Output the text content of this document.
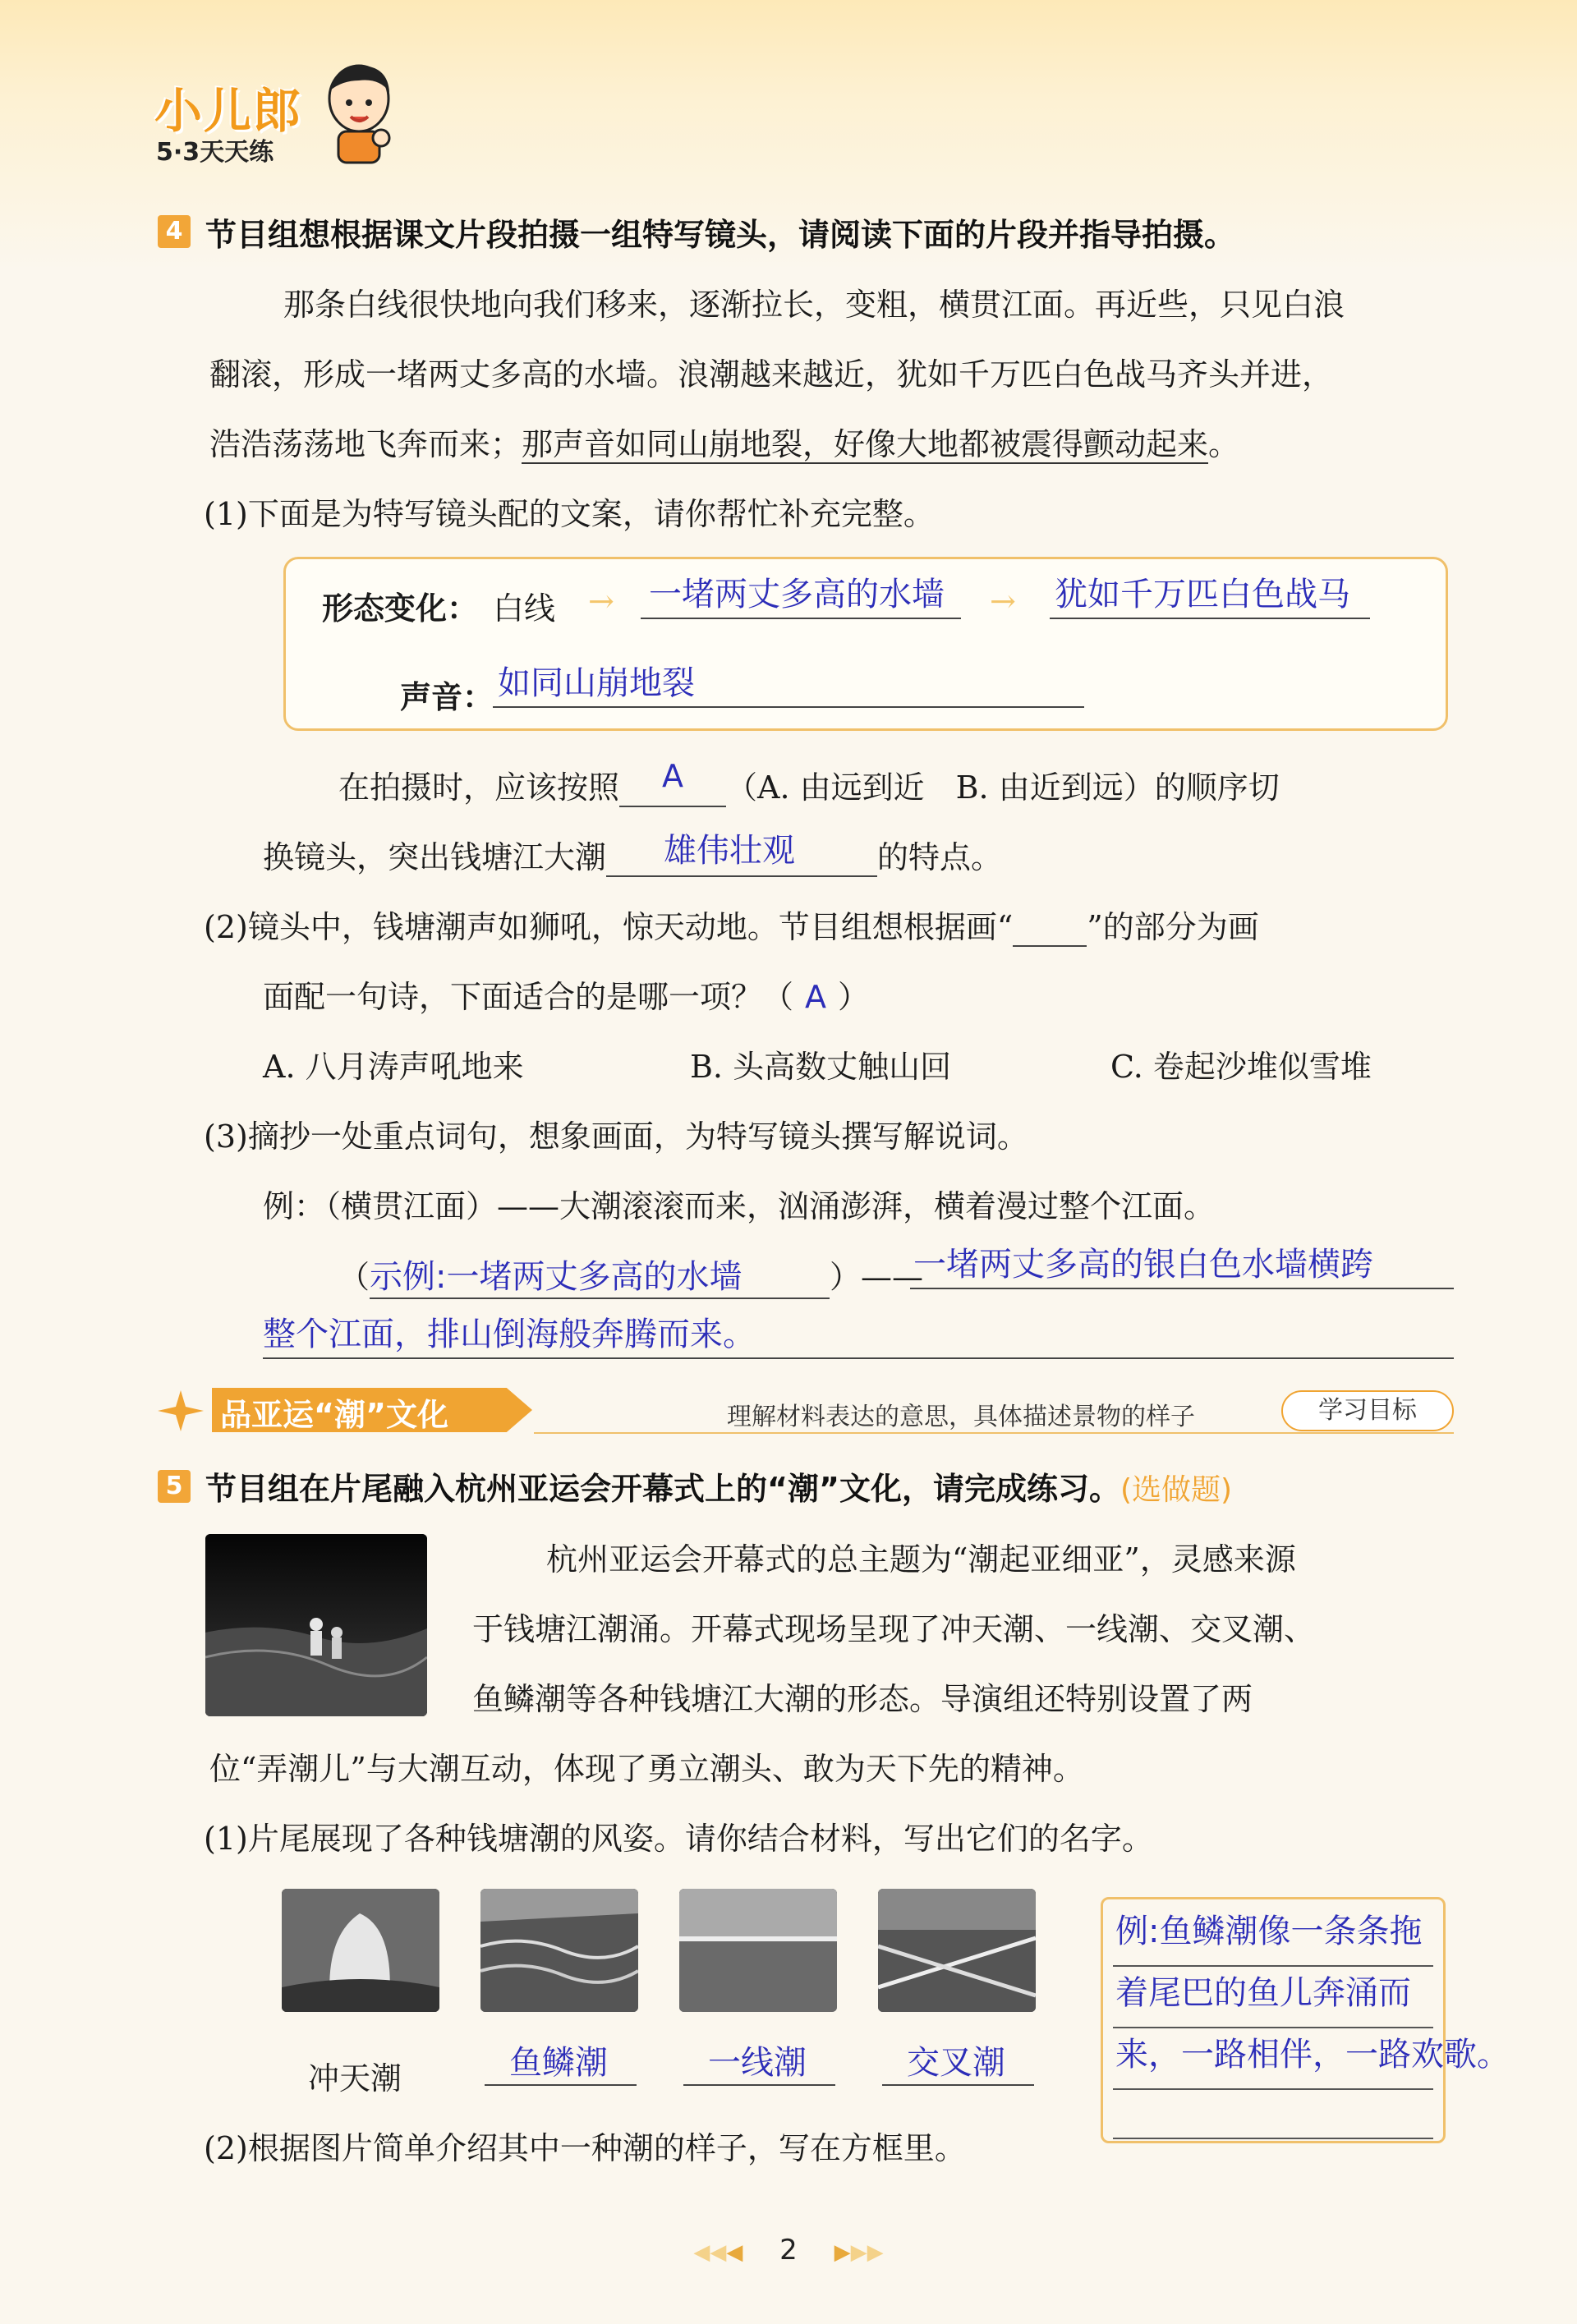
小儿郎
5·3天天练
4 节目组想根据课文片段拍摄一组特写镜头，请阅读下面的片段并指导拍摄。
那条白线很快地向我们移来，逐渐拉长，变粗，横贯江面。再近些，只见白浪
翻滚，形成一堵两丈多高的水墙。浪潮越来越近，犹如千万匹白色战马齐头并进，
浩浩荡荡地飞奔而来；那声音如同山崩地裂，好像大地都被震得颤动起来。
(1)下面是为特写镜头配的文案，请你帮忙补充完整。
形态变化： 白线 → 一堵两丈多高的水墙 → 犹如千万匹白色战马
声音： 如同山崩地裂
在拍摄时，应该按照 A （A. 由远到近　B. 由近到远）的顺序切
换镜头，突出钱塘江大潮 雄伟壮观	的特点。
(2)镜头中，钱塘潮声如狮吼，惊天动地。节目组想根据画“ ”的部分为画
面配一句诗，下面适合的是哪一项？（ A ）
A. 八月涛声吼地来	B. 头高数丈触山回	C. 卷起沙堆似雪堆
(3)摘抄一处重点词句，想象画面，为特写镜头撰写解说词。
例：（横贯江面）——大潮滚滚而来，汹涌澎湃，横着漫过整个江面。
（示例:一堵两丈多高的水墙	）——
一堵两丈多高的银白色水墙横跨
整个江面，排山倒海般奔腾而来。
品亚运“潮”文化	理解材料表达的意思，具体描述景物的样子	学习目标
5 节目组在片尾融入杭州亚运会开幕式上的“潮”文化，请完成练习。(选做题)
杭州亚运会开幕式的总主题为“潮起亚细亚”，灵感来源
于钱塘江潮涌。开幕式现场呈现了冲天潮、一线潮、交叉潮、
鱼鳞潮等各种钱塘江大潮的形态。导演组还特别设置了两
位“弄潮儿”与大潮互动，体现了勇立潮头、敢为天下先的精神。
(1)片尾展现了各种钱塘潮的风姿。请你结合材料，写出它们的名字。
冲天潮	鱼鳞潮	一线潮	交叉潮
例:鱼鳞潮像一条条拖
着尾巴的鱼儿奔涌而
来，一路相伴，一路欢歌。
(2)根据图片简单介绍其中一种潮的样子，写在方框里。
◀◀◀ 2 ▶▶▶
